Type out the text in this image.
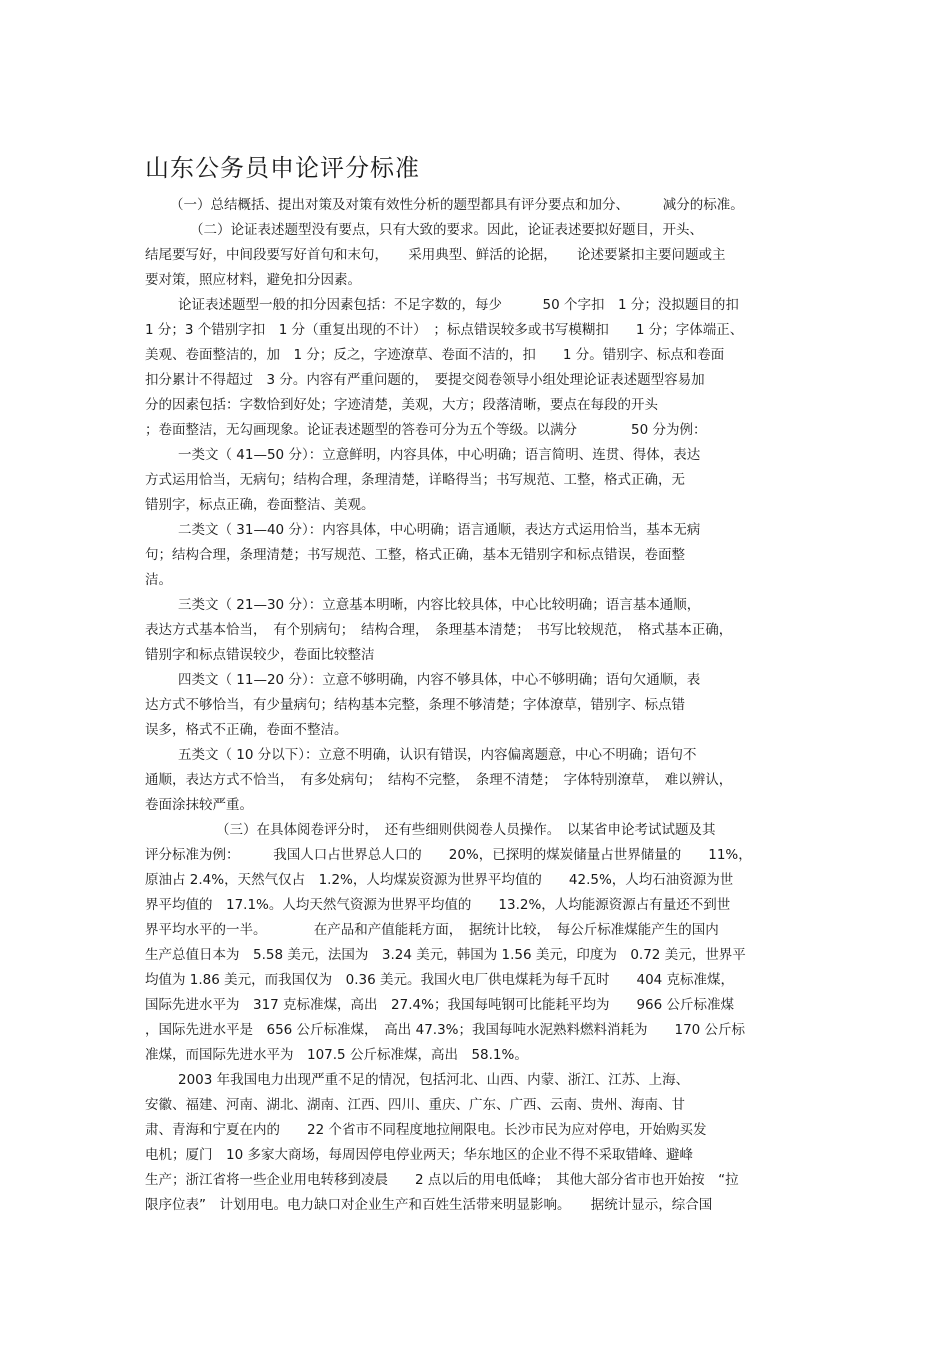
山东公务员申论评分标准
（一）总结概括、提出对策及对策有效性分析的题型都具有评分要点和加分、　　　减分的标准。
（二）论证表述题型没有要点，只有大致的要求。因此，论证表述要拟好题目，开头、
结尾要写好，中间段要写好首句和末句，　　采用典型、鲜活的论据，　　论述要紧扣主要问题或主
要对策，照应材料，避免扣分因素。
论证表述题型一般的扣分因素包括：不足字数的，每少　　　50 个字扣　1 分；没拟题目的扣
1 分；3 个错别字扣　1 分（重复出现的不计）　；标点错误较多或书写模糊扣　　1 分；字体端正、
美观、卷面整洁的，加　1 分；反之，字迹潦草、卷面不洁的，扣　　1 分。错别字、标点和卷面
扣分累计不得超过　3 分。内容有严重问题的，　要提交阅卷领导小组处理论证表述题型容易加
分的因素包括：字数恰到好处；字迹清楚，美观，大方；段落清晰，要点在每段的开头
；卷面整洁，无勾画现象。论证表述题型的答卷可分为五个等级。以满分　　　　50 分为例：
一类文（ 41—50 分）：立意鲜明，内容具体，中心明确；语言简明、连贯、得体，表达
方式运用恰当，无病句；结构合理，条理清楚，详略得当；书写规范、工整，格式正确，无
错别字，标点正确，卷面整洁、美观。
二类文（ 31—40 分）：内容具体，中心明确；语言通顺，表达方式运用恰当，基本无病
句；结构合理，条理清楚；书写规范、工整，格式正确，基本无错别字和标点错误，卷面整
洁。
三类文（ 21—30 分）：立意基本明晰，内容比较具体，中心比较明确；语言基本通顺，
表达方式基本恰当，　有个别病句；　结构合理，　条理基本清楚；　书写比较规范，　格式基本正确，
错别字和标点错误较少，卷面比较整洁
四类文（ 11—20 分）：立意不够明确，内容不够具体，中心不够明确；语句欠通顺，表
达方式不够恰当，有少量病句；结构基本完整，条理不够清楚；字体潦草，错别字、标点错
误多，格式不正确，卷面不整洁。
五类文（ 10 分以下）：立意不明确，认识有错误，内容偏离题意，中心不明确；语句不
通顺，表达方式不恰当，　有多处病句；　结构不完整，　条理不清楚；　字体特别潦草，　难以辨认，
卷面涂抹较严重。
（三）在具体阅卷评分时，　还有些细则供阅卷人员操作。　以某省申论考试试题及其
评分标准为例：　　　我国人口占世界总人口的　　20%，已探明的煤炭储量占世界储量的　　11%，
原油占 2.4%，天然气仅占　1.2%，人均煤炭资源为世界平均值的　　42.5%，人均石油资源为世
界平均值的　17.1%。人均天然气资源为世界平均值的　　13.2%，人均能源资源占有量还不到世
界平均水平的一半。　　　　在产品和产值能耗方面，　据统计比较，　每公斤标准煤能产生的国内
生产总值日本为　5.58 美元，法国为　3.24 美元，韩国为 1.56 美元，印度为　0.72 美元，世界平
均值为 1.86 美元，而我国仅为　0.36 美元。我国火电厂供电煤耗为每千瓦时　　404 克标准煤，
国际先进水平为　317 克标准煤，高出　27.4%；我国每吨钢可比能耗平均为　　966 公斤标准煤
，国际先进水平是　656 公斤标准煤，　高出 47.3%；我国每吨水泥熟料燃料消耗为　　170 公斤标
准煤，而国际先进水平为　107.5 公斤标准煤，高出　58.1%。
2003 年我国电力出现严重不足的情况，包括河北、山西、内蒙、浙江、江苏、上海、
安徽、福建、河南、湖北、湖南、江西、四川、重庆、广东、广西、云南、贵州、海南、甘
肃、青海和宁夏在内的　　22 个省市不同程度地拉闸限电。长沙市民为应对停电，开始购买发
电机；厦门　10 多家大商场，每周因停电停业两天；华东地区的企业不得不采取错峰、避峰
生产；浙江省将一些企业用电转移到凌晨　　2 点以后的用电低峰；　其他大部分省市也开始按　“拉
限序位表”　计划用电。电力缺口对企业生产和百姓生活带来明显影响。　　据统计显示，综合国
